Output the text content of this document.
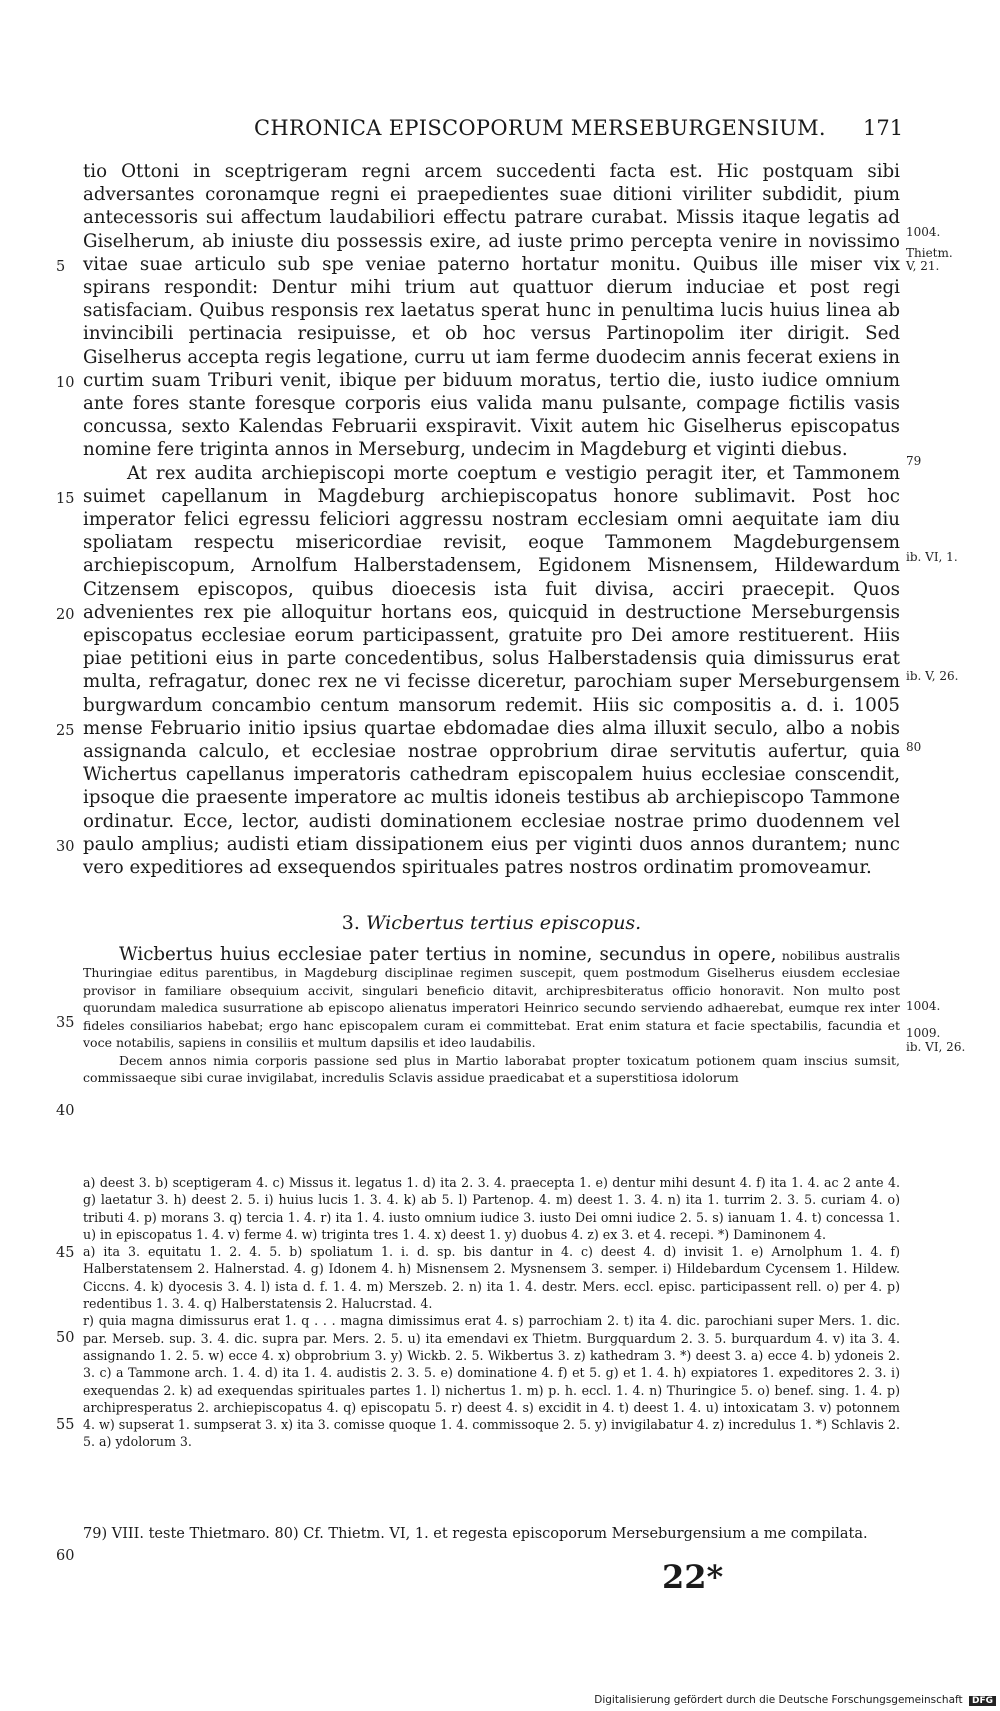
CHRONICA EPISCOPORUM MERSEBURGENSIUM. 171
5
10
15
20
25
30
35
40
45
50
55
60
1004.
Thietm. V, 21.
79
ib. VI, 1.
ib. V, 26.
80
1004.
1009.
ib. VI, 26.

tio Ottoni in sceptrigeram regni arcem succedenti facta est. Hic postquam sibi adversantes coronamque regni ei praepedientes suae ditioni viriliter subdidit, pium antecessoris sui affectum laudabiliori effectu patrare curabat. Missis itaque legatis ad Giselherum, ab iniuste diu possessis exire, ad iuste primo percepta venire in novissimo vitae suae articulo sub spe veniae paterno hortatur monitu. Quibus ille miser vix spirans respondit: Dentur mihi trium aut quattuor dierum induciae et post regi satisfaciam. Quibus responsis rex laetatus sperat hunc in penultima lucis huius linea ab invincibili pertinacia resipuisse, et ob hoc versus Partinopolim iter dirigit. Sed Giselherus accepta regis legatione, curru ut iam ferme duodecim annis fecerat exiens in curtim suam Triburi venit, ibique per biduum moratus, tertio die, iusto iudice omnium ante fores stante foresque corporis eius valida manu pulsante, compage fictilis vasis concussa, sexto Kalendas Februarii exspiravit. Vixit autem hic Giselherus episcopatus nomine fere triginta annos in Merseburg, undecim in Magdeburg et viginti diebus.

At rex audita archiepiscopi morte coeptum e vestigio peragit iter, et Tammonem suimet capellanum in Magdeburg archiepiscopatus honore sublimavit. Post hoc imperator felici egressu feliciori aggressu nostram ecclesiam omni aequitate iam diu spoliatam respectu misericordiae revisit, eoque Tammonem Magdeburgensem archiepiscopum, Arnolfum Halberstadensem, Egidonem Misnensem, Hildewardum Citzensem episcopos, quibus dioecesis ista fuit divisa, acciri praecepit. Quos advenientes rex pie alloquitur hortans eos, quicquid in destructione Merseburgensis episcopatus ecclesiae eorum participassent, gratuite pro Dei amore restituerent. Hiis piae petitioni eius in parte concedentibus, solus Halberstadensis quia dimissurus erat multa, refragatur, donec rex ne vi fecisse diceretur, parochiam super Merseburgensem burgwardum concambio centum mansorum redemit. Hiis sic compositis a. d. i. 1005 mense Februario initio ipsius quartae ebdomadae dies alma illuxit seculo, albo a nobis assignanda calculo, et ecclesiae nostrae opprobrium dirae servitutis aufertur, quia Wichertus capellanus imperatoris cathedram episcopalem huius ecclesiae conscendit, ipsoque die praesente imperatore ac multis idoneis testibus ab archiepiscopo Tammone ordinatur. Ecce, lector, audisti dominationem ecclesiae nostrae primo duodennem vel paulo amplius; audisti etiam dissipationem eius per viginti duos annos durantem; nunc vero expeditiores ad exsequendos spirituales patres nostros ordinatim promoveamur.

3. Wicbertus tertius episcopus.

Wicbertus huius ecclesiae pater tertius in nomine, secundus in opere, nobilibus australis Thuringiae editus parentibus, in Magdeburg disciplinae regimen suscepit, quem postmodum Giselherus eiusdem ecclesiae provisor in familiare obsequium accivit, singulari beneficio ditavit, archipresbiteratus officio honoravit. Non multo post quorundam maledica susurratione ab episcopo alienatus imperatori Heinrico secundo serviendo adhaerebat, eumque rex inter fideles consiliarios habebat; ergo hanc episcopalem curam ei committebat. Erat enim statura et facie spectabilis, facundia et voce notabilis, sapiens in consiliis et multum dapsilis et ideo laudabilis.

Decem annos nimia corporis passione sed plus in Martio laborabat propter toxicatum potionem quam inscius sumsit, commissaeque sibi curae invigilabat, incredulis Sclavis assidue praedicabat et a superstitiosa idolorum

a) deest 3. b) sceptigeram 4. c) Missus it. legatus 1. d) ita 2. 3. 4. praecepta 1. e) dentur mihi desunt 4. f) ita 1. 4. ac 2 ante 4. g) laetatur 3. h) deest 2. 5. i) huius lucis 1. 3. 4. k) ab 5. l) Partenop. 4. m) deest 1. 3. 4. n) ita 1. turrim 2. 3. 5. curiam 4. o) tributi 4. p) morans 3. q) tercia 1. 4. r) ita 1. 4. iusto omnium iudice 3. iusto Dei omni iudice 2. 5. s) ianuam 1. 4. t) concessa 1. u) in episcopatus 1. 4. v) ferme 4. w) triginta tres 1. 4. x) deest 1. y) duobus 4. z) ex 3. et 4. recepi. *) Daminonem 4.

a) ita 3. equitatu 1. 2. 4. 5. b) spoliatum 1. i. d. sp. bis dantur in 4. c) deest 4. d) invisit 1. e) Arnolphum 1. 4. f) Halberstatensem 2. Halnerstad. 4. g) Idonem 4. h) Misnensem 2. Mysnensem 3. semper. i) Hildebardum Cycensem 1. Hildew. Ciccns. 4. k) dyocesis 3. 4. l) ista d. f. 1. 4. m) Merszeb. 2. n) ita 1. 4. destr. Mers. eccl. episc. participassent rell. o) per 4. p) redentibus 1. 3. 4. q) Halberstatensis 2. Halucrstad. 4.

r) quia magna dimissurus erat 1. q . . . magna dimissimus erat 4. s) parrochiam 2. t) ita 4. dic. parochiani super Mers. 1. dic. par. Merseb. sup. 3. 4. dic. supra par. Mers. 2. 5. u) ita emendavi ex Thietm. Burgquardum 2. 3. 5. burquardum 4. v) ita 3. 4. assignando 1. 2. 5. w) ecce 4. x) obprobrium 3. y) Wickb. 2. 5. Wikbertus 3. z) kathedram 3. *) deest 3. a) ecce 4. b) ydoneis 2. 3. c) a Tammone arch. 1. 4. d) ita 1. 4. audistis 2. 3. 5. e) dominatione 4. f) et 5. g) et 1. 4. h) expiatores 1. expeditores 2. 3. i) exequendas 2. k) ad exequendas spirituales partes 1. l) nichertus 1. m) p. h. eccl. 1. 4. n) Thuringice 5. o) benef. sing. 1. 4. p) archipresperatus 2. archiepiscopatus 4. q) episcopatu 5. r) deest 4. s) excidit in 4. t) deest 1. 4. u) intoxicatam 3. v) potonnem 4. w) supserat 1. sumpserat 3. x) ita 3. comisse quoque 1. 4. commissoque 2. 5. y) invigilabatur 4. z) incredulus 1. *) Schlavis 2. 5. a) ydolorum 3.

79) VIII. teste Thietmaro. 80) Cf. Thietm. VI, 1. et regesta episcoporum Merseburgensium a me compilata.

22*
Digitalisierung gefördert durch die Deutsche Forschungsgemeinschaft DFG
